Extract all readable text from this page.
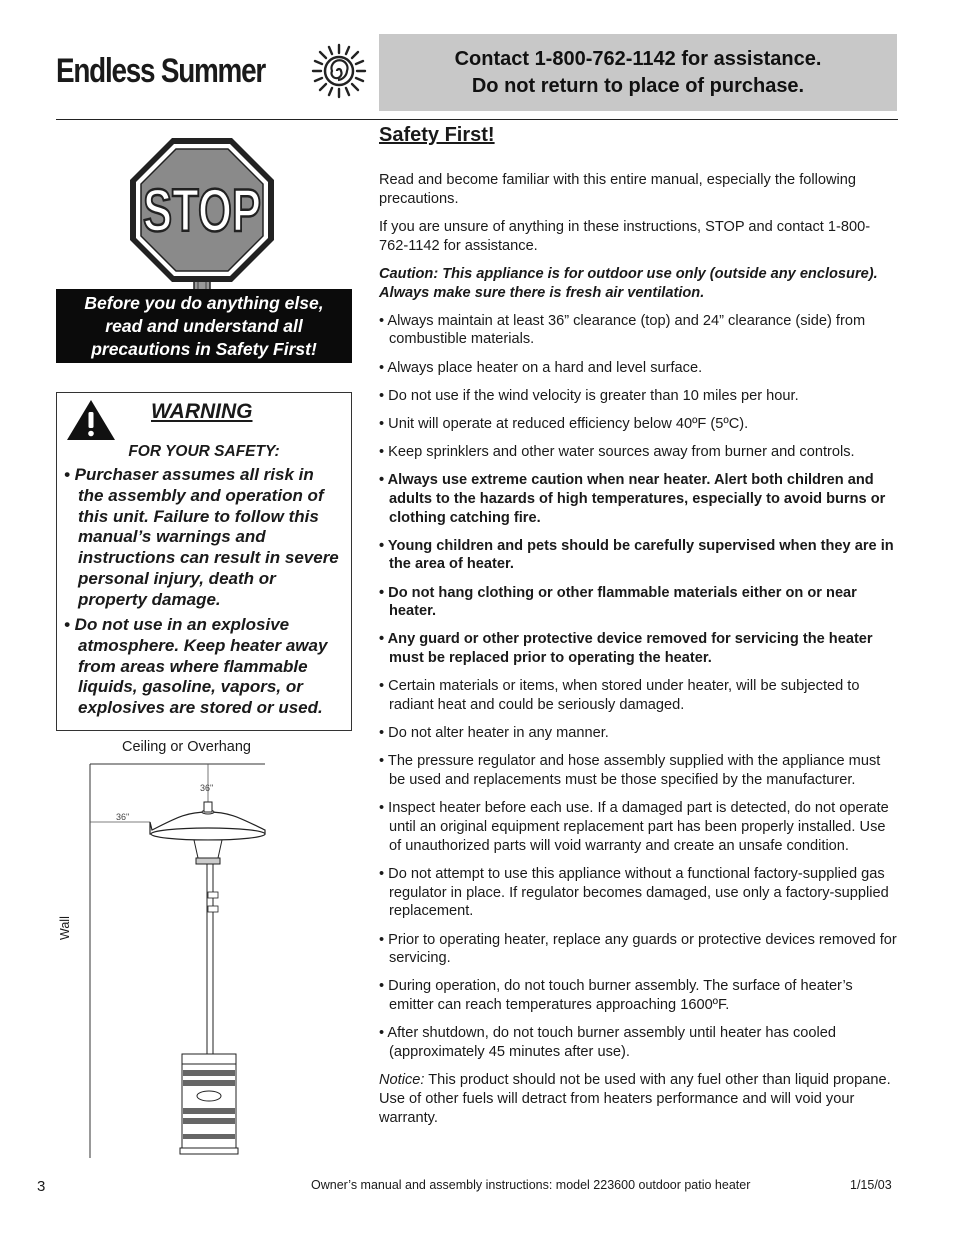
Endless Summer	Contact 1-800-762-1142 for assistance.
Do not return to place of purchase.
STOP
Before you do anything else,
read and understand all
precautions in Safety First!
WARNING
FOR YOUR SAFETY:
• Purchaser assumes all risk in the assembly and operation of this unit. Failure to follow this manual’s warnings and instructions can result in severe personal injury, death or property damage.
• Do not use in an explosive atmosphere. Keep heater away from areas where flammable liquids, gasoline, vapors, or explosives are stored or used.
Ceiling or Overhang
36"
36"
Wall
Safety First!

Read and become familiar with this entire manual, especially the following precautions.

If you are unsure of anything in these instructions, STOP and contact 1-800-762-1142 for assistance.

Caution: This appliance is for outdoor use only (outside any enclosure). Always make sure there is fresh air ventilation.

• Always maintain at least 36” clearance (top) and 24” clearance (side) from combustible materials.

• Always place heater on a hard and level surface.

• Do not use if the wind velocity is greater than 10 miles per hour.

• Unit will operate at reduced efficiency below 40ºF (5ºC).

• Keep sprinklers and other water sources away from burner and controls.

• Always use extreme caution when near heater. Alert both children and adults to the hazards of high temperatures, especially to avoid burns or clothing catching fire.

• Young children and pets should be carefully supervised when they are in the area of heater.

• Do not hang clothing or other flammable materials either on or near heater.

• Any guard or other protective device removed for servicing the heater must be replaced prior to operating the heater.

• Certain materials or items, when stored under heater, will be subjected to radiant heat and could be seriously damaged.

• Do not alter heater in any manner.

• The pressure regulator and hose assembly supplied with the appliance must be used and replacements must be those specified by the manufacturer.

• Inspect heater before each use. If a damaged part is detected, do not operate until an original equipment replacement part has been properly installed. Use of unauthorized parts will void warranty and create an unsafe condition.

• Do not attempt to use this appliance without a functional factory-supplied gas regulator in place. If regulator becomes damaged, use only a factory-supplied replacement.

• Prior to operating heater, replace any guards or protective devices removed for servicing.

• During operation, do not touch burner assembly. The surface of heater’s emitter can reach temperatures approaching 1600ºF.

• After shutdown, do not touch burner assembly until heater has cooled (approximately 45 minutes after use).

Notice: This product should not be used with any fuel other than liquid propane. Use of other fuels will detract from heaters performance and will void your warranty.

3	Owner’s manual and assembly instructions: model 223600 outdoor patio heater	1/15/03
